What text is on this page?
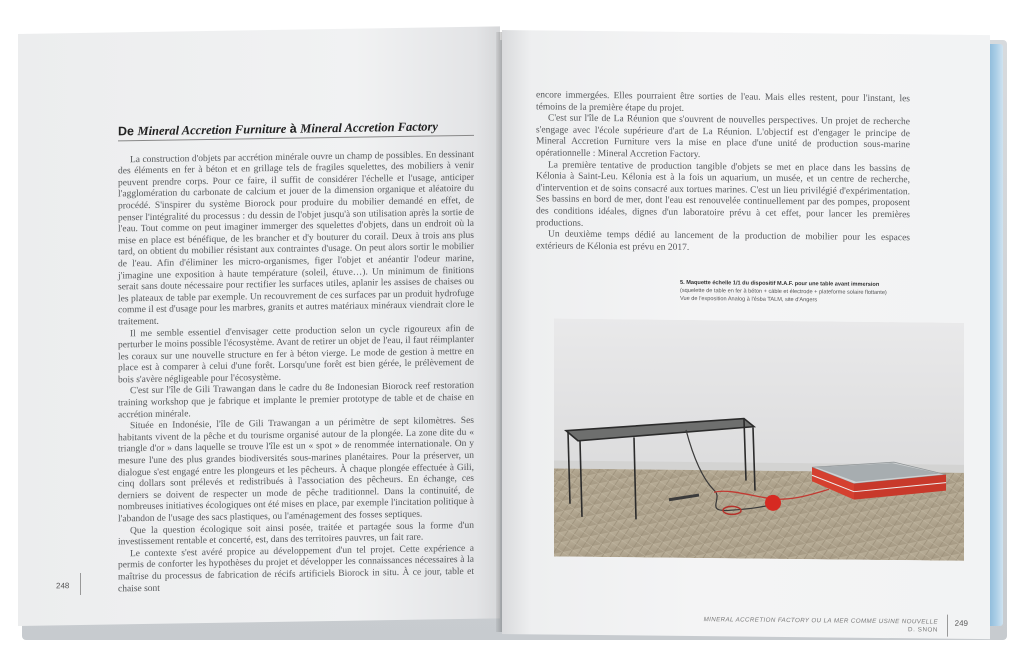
De Mineral Accretion Furniture à Mineral Accretion Factory

La construction d'objets par accrétion minérale ouvre un champ de possibles. En dessinant des éléments en fer à béton et en grillage tels de fragiles squelettes, des mobiliers à venir peuvent prendre corps. Pour ce faire, il suffit de considérer l'échelle et l'usage, anticiper l'agglomération du carbonate de calcium et jouer de la dimension organique et aléatoire du procédé. S'inspirer du système Biorock pour produire du mobilier demandé en effet, de penser l'intégralité du processus : du dessin de l'objet jusqu'à son utilisation après la sortie de l'eau. Tout comme on peut imaginer immerger des squelettes d'objets, dans un endroit où la mise en place est bénéfique, de les brancher et d'y bouturer du corail. Deux à trois ans plus tard, on obtient du mobilier résistant aux contraintes d'usage. On peut alors sortir le mobilier de l'eau. Afin d'éliminer les micro-organismes, figer l'objet et anéantir l'odeur marine, j'imagine une exposition à haute température (soleil, étuve…). Un minimum de finitions serait sans doute nécessaire pour rectifier les surfaces utiles, aplanir les assises de chaises ou les plateaux de table par exemple. Un recouvrement de ces surfaces par un produit hydrofuge comme il est d'usage pour les marbres, granits et autres matériaux minéraux viendrait clore le traitement.

Il me semble essentiel d'envisager cette production selon un cycle rigoureux afin de perturber le moins possible l'écosystème. Avant de retirer un objet de l'eau, il faut réimplanter les coraux sur une nouvelle structure en fer à béton vierge. Le mode de gestion à mettre en place est à comparer à celui d'une forêt. Lorsqu'une forêt est bien gérée, le prélèvement de bois s'avère négligeable pour l'écosystème.

C'est sur l'île de Gili Trawangan dans le cadre du 8e Indonesian Biorock reef restoration training workshop que je fabrique et implante le premier prototype de table et de chaise en accrétion minérale.

Située en Indonésie, l'île de Gili Trawangan a un périmètre de sept kilomètres. Ses habitants vivent de la pêche et du tourisme organisé autour de la plongée. La zone dite du « triangle d'or » dans laquelle se trouve l'île est un « spot » de renommée internationale. On y mesure l'une des plus grandes biodiversités sous-marines planétaires. Pour la préserver, un dialogue s'est engagé entre les plongeurs et les pêcheurs. À chaque plongée effectuée à Gili, cinq dollars sont prélevés et redistribués à l'association des pêcheurs. En échange, ces derniers se doivent de respecter un mode de pêche traditionnel. Dans la continuité, de nombreuses initiatives écologiques ont été mises en place, par exemple l'incitation politique à l'abandon de l'usage des sacs plastiques, ou l'aménagement des fosses septiques.

Que la question écologique soit ainsi posée, traitée et partagée sous la forme d'un investissement rentable et concerté, est, dans des territoires pauvres, un fait rare.

Le contexte s'est avéré propice au développement d'un tel projet. Cette expérience a permis de conforter les hypothèses du projet et développer les connaissances nécessaires à la maîtrise du processus de fabrication de récifs artificiels Biorock in situ. À ce jour, table et chaise sont

248

encore immergées. Elles pourraient être sorties de l'eau. Mais elles restent, pour l'instant, les témoins de la première étape du projet.

C'est sur l'île de La Réunion que s'ouvrent de nouvelles perspectives. Un projet de recherche s'engage avec l'école supérieure d'art de La Réunion. L'objectif est d'engager le principe de Mineral Accretion Furniture vers la mise en place d'une unité de production sous-marine opérationnelle : Mineral Accretion Factory.

La première tentative de production tangible d'objets se met en place dans les bassins de Kélonia à Saint-Leu. Kélonia est à la fois un aquarium, un musée, et un centre de recherche, d'intervention et de soins consacré aux tortues marines. C'est un lieu privilégié d'expérimentation. Ses bassins en bord de mer, dont l'eau est renouvelée continuellement par des pompes, proposent des conditions idéales, dignes d'un laboratoire prévu à cet effet, pour lancer les premières productions.

Un deuxième temps dédié au lancement de la production de mobilier pour les espaces extérieurs de Kélonia est prévu en 2017.

5. Maquette échelle 1/1 du dispositif M.A.F. pour une table avant immersion
(squelette de table en fer à béton + câble et électrode + plateforme solaire flottante)
Vue de l'exposition Analog à l'ésba TALM, site d'Angers
MINERAL ACCRETION FACTORY OU LA MER COMME USINE NOUVELLE
D. SNON
249
